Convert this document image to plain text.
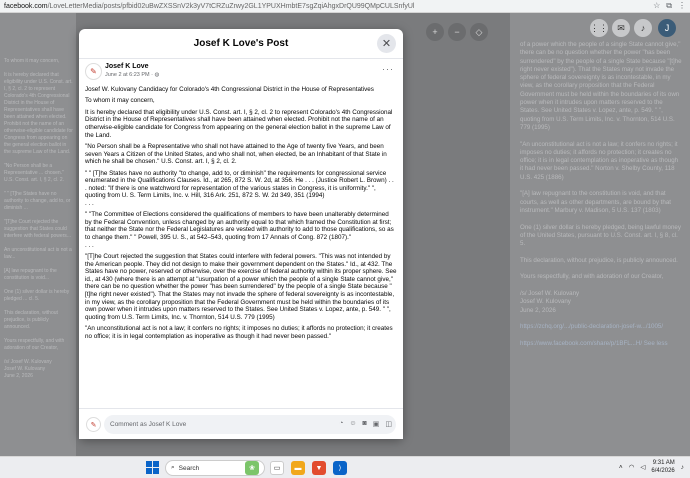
facebook.com /LoveLetterMedia/posts/pfbid02uBwZXSSnV2k3yV7tCRZuZrwy2GL1YPUXHmbtE7sgZqiAhgxDrQU99QMpCULSnfyUl	☆ ⧉ ⋮
To whom it may concern,

It is hereby declared that eligibility under U.S. Const. art. I, § 2, cl. 2 to represent Colorado's 4th Congressional District in the House of Representatives shall have been attained when elected. Prohibit not the name of an otherwise-eligible candidate for Congress from appearing on the general election ballot in the supreme Law of the Land.

"No Person shall be a Representative ... chosen." U.S. Const. art. I, § 2, cl. 2.

" " [T]he States have no authority to change, add to, or diminish ...

"[T]he Court rejected the suggestion that States could interfere with federal powers...

An unconstitutional act is not a law...

[A] law repugnant to the constitution is void...

One (1) silver dollar is hereby pledged ... cl. 5.

This declaration, without prejudice, is publicly announced.

Yours respectfully, and with adoration of our Creator,

/s/ Josef W. Kulovany
Josef W. Kulovany
June 2, 2026
+	−	◇	⋮⋮	✉	♪	J
of a power which the people of a single State cannot give," there can be no question whether the power "has been surrendered" by the people of a single State because "[t]he right never existed"). That the States may not invade the sphere of federal sovereignty is as incontestable, in my view, as the corollary proposition that the Federal Government must be held within the boundaries of its own power when it intrudes upon matters reserved to the States. See United States v. Lopez, ante, p. 549. " ", quoting from U.S. Term Limits, Inc. v. Thornton, 514 U.S. 779 (1995)

"An unconstitutional act is not a law; it confers no rights; it imposes no duties; it affords no protection; it creates no office; it is in legal contemplation as inoperative as though it had never been passed." Norton v. Shelby County, 118 U.S. 425 (1886)

"[A] law repugnant to the constitution is void, and that courts, as well as other departments, are bound by that instrument." Marbury v. Madison, 5 U.S. 137 (1803)

One (1) silver dollar is hereby pledged, being lawful money of the United States, pursuant to U.S. Const. art. I, § 8, cl. 5.

This declaration, without prejudice, is publicly announced.

Yours respectfully, and with adoration of our Creator,

/s/ Josef W. Kulovany
Josef W. Kulovany
June 2, 2026

https://zchq.org/.../public-declaration-josef-w.../1005/

https://www.facebook.com/share/p/1BFL...H/ See less
Josef K Love's Post	✕
✎
Josef K Love
June 2 at 6:23 PM · ◍
···

Josef W. Kulovany Candidacy for Colorado's 4th Congressional District in the House of Representatives

To whom it may concern,

It is hereby declared that eligibility under U.S. Const. art. I, § 2, cl. 2 to represent Colorado's 4th Congressional District in the House of Representatives shall have been attained when elected. Prohibit not the name of an otherwise-eligible candidate for Congress from appearing on the general election ballot in the supreme Law of the Land.

"No Person shall be a Representative who shall not have attained to the Age of twenty five Years, and been seven Years a Citizen of the United States, and who shall not, when elected, be an Inhabitant of that State in which he shall be chosen." U.S. Const. art. I, § 2, cl. 2.

" " [T]he States have no authority "to change, add to, or diminish" the requirements for congressional service enumerated in the Qualifications Clauses. Id., at 265, 872 S. W. 2d, at 356. He . . . (Justice Robert L. Brown) . . . noted: "If there is one watchword for representation of the various states in Congress, it is uniformity." ", quoting from U. S. Term Limits, Inc. v. Hill, 316 Ark. 251, 872 S. W. 2d 349, 351 (1994)
. . .

" "The Committee of Elections considered the qualifications of members to have been unalterably determined by the Federal Convention, unless changed by an authority equal to that which framed the Constitution at first; that neither the State nor the Federal Legislatures are vested with authority to add to those qualifications, so as to change them." " Powell, 395 U. S., at 542–543, quoting from 17 Annals of Cong. 872 (1807)."
. . .

"[T]he Court rejected the suggestion that States could interfere with federal powers. "This was not intended by the American people. They did not design to make their government dependent on the States." Id., at 432. The States have no power, reserved or otherwise, over the exercise of federal authority within its proper sphere. See id., at 430 (where there is an attempt at "usurpation of a power which the people of a single State cannot give," there can be no question whether the power "has been surrendered" by the people of a single State because "[t]he right never existed"). That the States may not invade the sphere of federal sovereignty is as incontestable, in my view, as the corollary proposition that the Federal Government must be held within the boundaries of its own power when it intrudes upon matters reserved to the States. See United States v. Lopez, ante, p. 549. " ", quoting from U.S. Term Limits, Inc. v. Thornton, 514 U.S. 779 (1995)

"An unconstitutional act is not a law; it confers no rights; it imposes no duties; it affords no protection; it creates no office; it is in legal contemplation as inoperative as though it had never been passed."

✎
Comment as Josef K Love	◔ ☺ ◙ ▣ ◫
⌕ Search	❀	▭	▬	▼	⟩	˄ ◠ ◁
9:31 AM
6/4/2026
♪
